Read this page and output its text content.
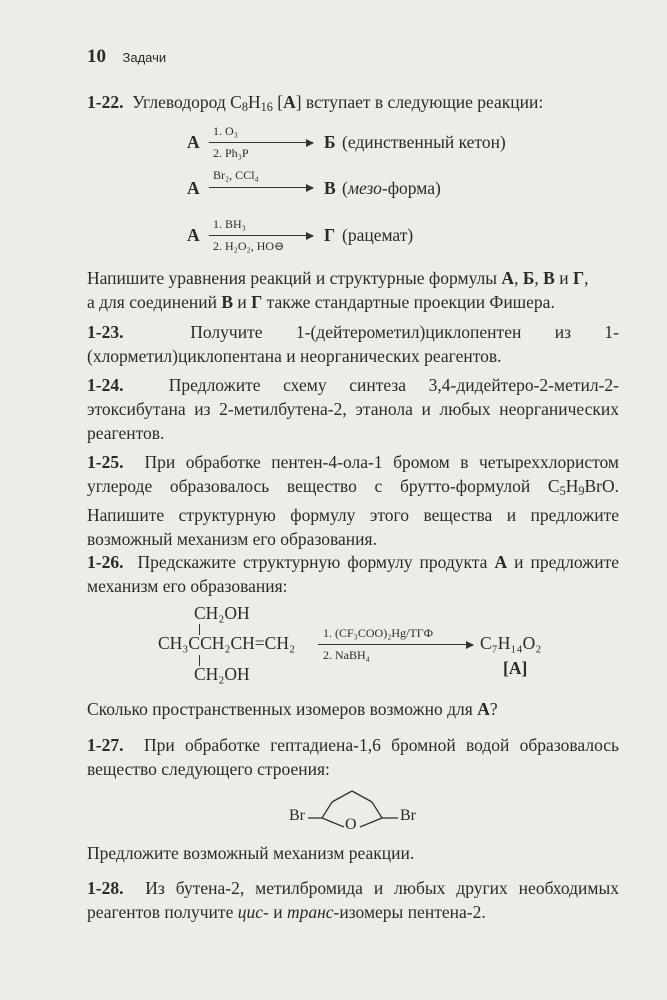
10 Задачи
1-22. Углеводород $C_8H_{16}$ [А] вступает в следующие реакции:
А
1. O₃
2. Ph₃P
Б (единственный кетон)
А
Br₂, CCl₄
В (мезо-форма)
А
1. BH₃
2. H₂O₂, HO⊖
Г (рацемат)
Напишите уравнения реакций и структурные формулы А, Б, В и Г,
а для соединений В и Г также стандартные проекции Фишера.
1-23.	Получите 1-(дейтерометил)циклопентен из 1-(хлорметил)циклопентана и неорганических реагентов.
1-24.	Предложите схему синтеза 3,4-дидейтеро-2-метил-2-этоксибутана из 2-метилбутена-2, этанола и любых неорганических реагентов.
1-25. При обработке пентен-4-ола-1 бромом в четыреххлористом углероде образовалось вещество с брутто-формулой $C_5H_9BrO$. Напишите структурную формулу этого вещества и предложите возможный механизм его образования.
1-26. Предскажите структурную формулу продукта А и предложите механизм его образования:
CH₂OH
CH₃CCH₂CH=CH₂
CH₂OH
1. (CF₃COO)₂Hg/ТГФ
2. NaBH₄
C₇H₁₄O₂
[А]
Сколько пространственных изомеров возможно для А?
1-27. При обработке гептадиена-1,6 бромной водой образовалось вещество следующего строения:
Br
O
Br
Предложите возможный механизм реакции.
1-28. Из бутена-2, метилбромида и любых других необходимых реагентов получите цис- и транс-изомеры пентена-2.
